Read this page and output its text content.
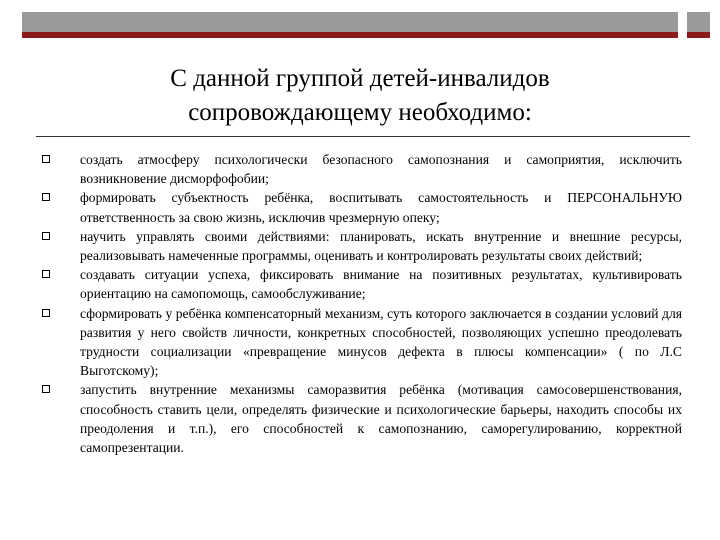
С данной группой детей-инвалидов
сопровождающему необходимо:
создать атмосферу психологически безопасного самопознания и самоприятия, исключить возникновение дисморфофобии;
формировать субъектность ребёнка, воспитывать самостоятельность и ПЕРСОНАЛЬНУЮ ответственность за свою жизнь, исключив чрезмерную опеку;
научить управлять своими действиями: планировать, искать внутренние и внешние ресурсы, реализовывать намеченные программы, оценивать и контролировать результаты своих действий;
создавать ситуации успеха, фиксировать внимание на позитивных результатах, культивировать ориентацию на самопомощь, самообслуживание;
сформировать у ребёнка компенсаторный механизм, суть которого заключается в создании условий для развития у него свойств личности, конкретных способностей, позволяющих успешно преодолевать трудности социализации «превращение минусов дефекта в плюсы компенсации» ( по Л.С Выготскому);
запустить внутренние механизмы саморазвития ребёнка (мотивация самосовершенствования, способность ставить цели, определять физические и психологические барьеры, находить способы их преодоления и т.п.), его способностей к самопознанию, саморегулированию, корректной самопрезентации.
